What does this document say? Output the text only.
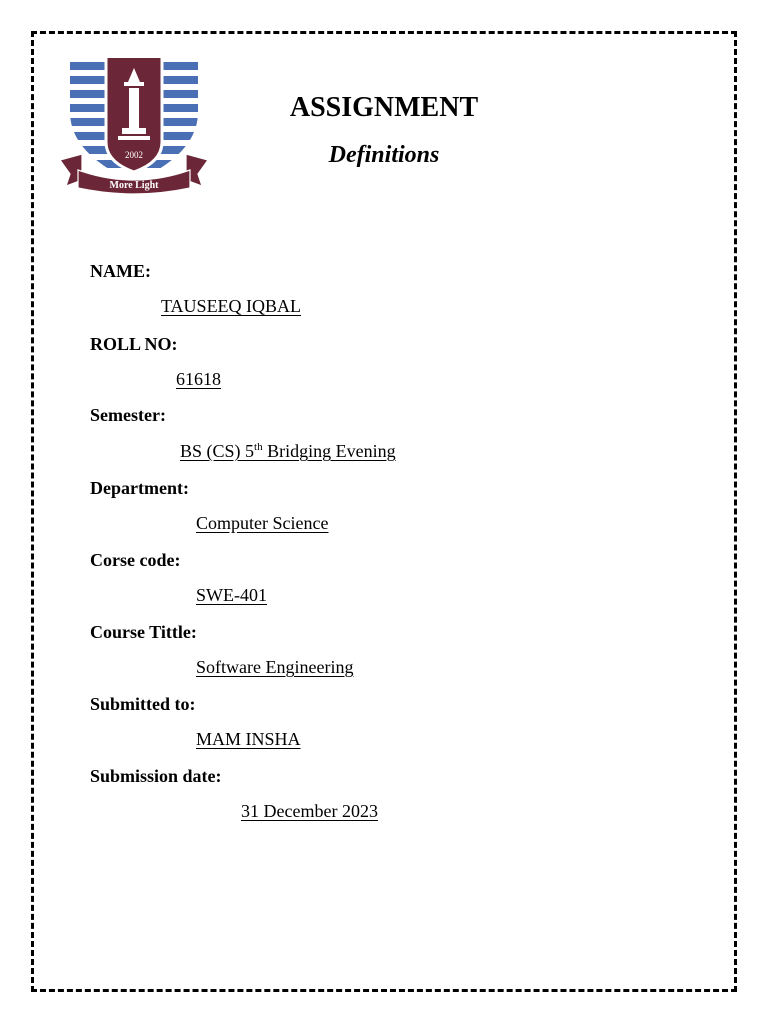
2002
More Light
ASSIGNMENT
Definitions
NAME:
TAUSEEQ IQBAL
ROLL NO:
61618
Semester:
BS (CS) 5th Bridging Evening
Department:
Computer Science
Corse code:
SWE-401
Course Tittle:
Software Engineering
Submitted to:
MAM INSHA
Submission date:
31 December 2023
